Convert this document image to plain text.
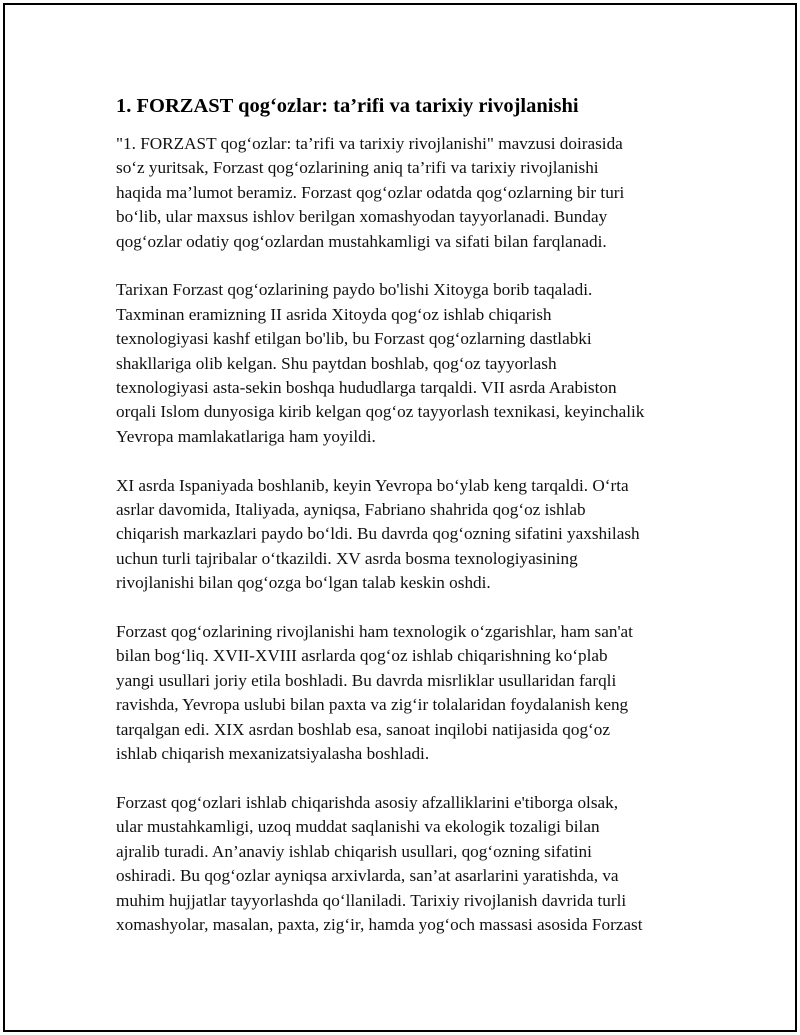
1. FORZAST qog‘ozlar: ta’rifi va tarixiy rivojlanishi

"1. FORZAST qog‘ozlar: ta’rifi va tarixiy rivojlanishi" mavzusi doirasida
so‘z yuritsak, Forzast qog‘ozlarining aniq ta’rifi va tarixiy rivojlanishi
haqida ma’lumot beramiz. Forzast qog‘ozlar odatda qog‘ozlarning bir turi
bo‘lib, ular maxsus ishlov berilgan xomashyodan tayyorlanadi. Bunday
qog‘ozlar odatiy qog‘ozlardan mustahkamligi va sifati bilan farqlanadi.

Tarixan Forzast qog‘ozlarining paydo bo'lishi Xitoyga borib taqaladi.
Taxminan eramizning II asrida Xitoyda qog‘oz ishlab chiqarish
texnologiyasi kashf etilgan bo'lib, bu Forzast qog‘ozlarning dastlabki
shakllariga olib kelgan. Shu paytdan boshlab, qog‘oz tayyorlash
texnologiyasi asta-sekin boshqa hududlarga tarqaldi. VII asrda Arabiston
orqali Islom dunyosiga kirib kelgan qog‘oz tayyorlash texnikasi, keyinchalik
Yevropa mamlakatlariga ham yoyildi.

XI asrda Ispaniyada boshlanib, keyin Yevropa bo‘ylab keng tarqaldi. O‘rta
asrlar davomida, Italiyada, ayniqsa, Fabriano shahrida qog‘oz ishlab
chiqarish markazlari paydo bo‘ldi. Bu davrda qog‘ozning sifatini yaxshilash
uchun turli tajribalar o‘tkazildi. XV asrda bosma texnologiyasining
rivojlanishi bilan qog‘ozga bo‘lgan talab keskin oshdi.

Forzast qog‘ozlarining rivojlanishi ham texnologik o‘zgarishlar, ham san'at
bilan bog‘liq. XVII-XVIII asrlarda qog‘oz ishlab chiqarishning ko‘plab
yangi usullari joriy etila boshladi. Bu davrda misrliklar usullaridan farqli
ravishda, Yevropa uslubi bilan paxta va zig‘ir tolalaridan foydalanish keng
tarqalgan edi. XIX asrdan boshlab esa, sanoat inqilobi natijasida qog‘oz
ishlab chiqarish mexanizatsiyalasha boshladi.

Forzast qog‘ozlari ishlab chiqarishda asosiy afzalliklarini e'tiborga olsak,
ular mustahkamligi, uzoq muddat saqlanishi va ekologik tozaligi bilan
ajralib turadi. An’anaviy ishlab chiqarish usullari, qog‘ozning sifatini
oshiradi. Bu qog‘ozlar ayniqsa arxivlarda, san’at asarlarini yaratishda, va
muhim hujjatlar tayyorlashda qo‘llaniladi. Tarixiy rivojlanish davrida turli
xomashyolar, masalan, paxta, zig‘ir, hamda yog‘och massasi asosida Forzast
